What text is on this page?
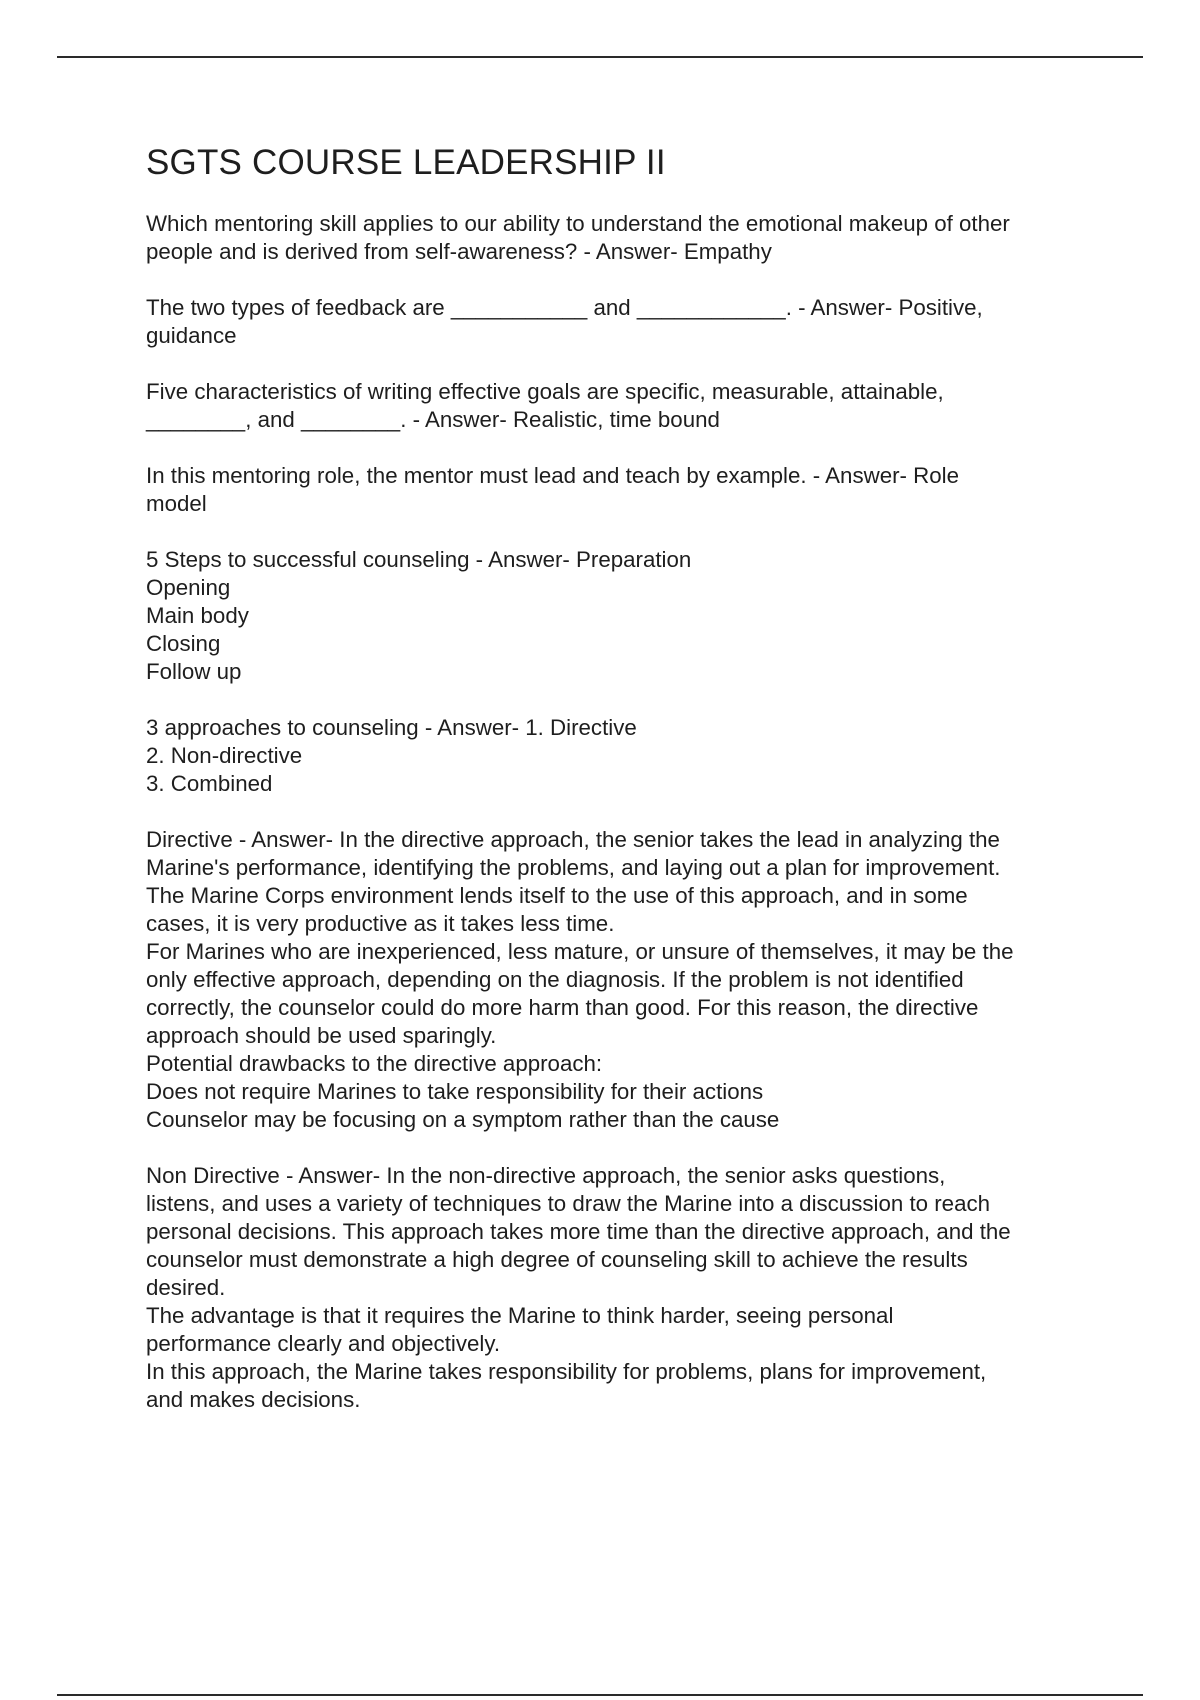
SGTS COURSE LEADERSHIP II

Which mentoring skill applies to our ability to understand the emotional makeup of other
people and is derived from self-awareness? - Answer- Empathy

The two types of feedback are ___________ and ____________. - Answer- Positive,
guidance

Five characteristics of writing effective goals are specific, measurable, attainable,
________, and ________. - Answer- Realistic, time bound

In this mentoring role, the mentor must lead and teach by example. - Answer- Role
model

5 Steps to successful counseling - Answer- Preparation
Opening
Main body
Closing
Follow up

3 approaches to counseling - Answer- 1. Directive
2. Non-directive
3. Combined

Directive - Answer- In the directive approach, the senior takes the lead in analyzing the
Marine's performance, identifying the problems, and laying out a plan for improvement.
The Marine Corps environment lends itself to the use of this approach, and in some
cases, it is very productive as it takes less time.
For Marines who are inexperienced, less mature, or unsure of themselves, it may be the
only effective approach, depending on the diagnosis. If the problem is not identified
correctly, the counselor could do more harm than good. For this reason, the directive
approach should be used sparingly.
Potential drawbacks to the directive approach:
Does not require Marines to take responsibility for their actions
Counselor may be focusing on a symptom rather than the cause

Non Directive - Answer- In the non-directive approach, the senior asks questions,
listens, and uses a variety of techniques to draw the Marine into a discussion to reach
personal decisions. This approach takes more time than the directive approach, and the
counselor must demonstrate a high degree of counseling skill to achieve the results
desired.
The advantage is that it requires the Marine to think harder, seeing personal
performance clearly and objectively.
In this approach, the Marine takes responsibility for problems, plans for improvement,
and makes decisions.
